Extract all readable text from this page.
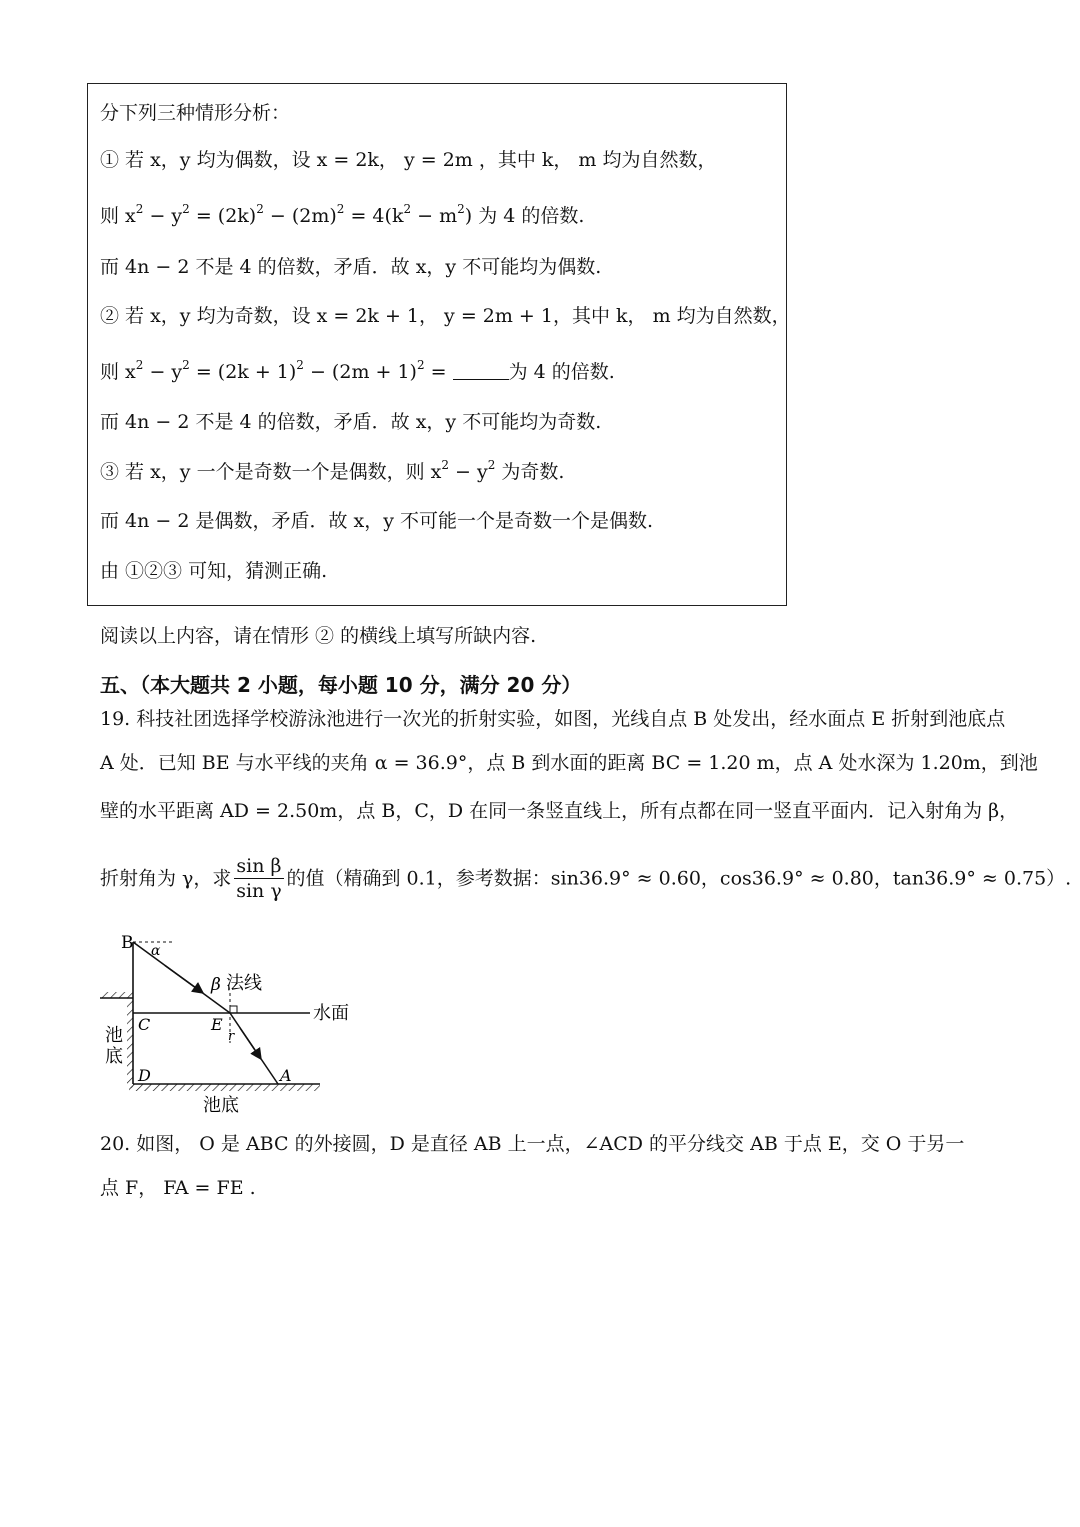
分下列三种情形分析：
① 若 x，y 均为偶数，设 x = 2k， y = 2m ，其中 k， m 均为自然数，
则 $x^2 - y^2 = (2k)^2 - (2m)^2 = 4(k^2 - m^2)$ 为 4 的倍数.
而 4n − 2 不是 4 的倍数，矛盾．故 x，y 不可能均为偶数.
② 若 x，y 均为奇数，设 x = 2k + 1， y = 2m + 1，其中 k， m 均为自然数，
则 $x^2 - y^2 = (2k + 1)^2 - (2m + 1)^2$ =	为 4 的倍数.
而 4n − 2 不是 4 的倍数，矛盾．故 x，y 不可能均为奇数.
③ 若 x，y 一个是奇数一个是偶数，则 $x^2 - y^2$ 为奇数.
而 4n − 2 是偶数，矛盾．故 x，y 不可能一个是奇数一个是偶数.
由 ①②③ 可知，猜测正确.
阅读以上内容，请在情形 ② 的横线上填写所缺内容.
五、（本大题共 2 小题，每小题 10 分，满分 20 分）
19. 科技社团选择学校游泳池进行一次光的折射实验，如图，光线自点 B 处发出，经水面点 E 折射到池底点
A 处．已知 BE 与水平线的夹角 α = 36.9°，点 B 到水面的距离 BC = 1.20 m，点 A 处水深为 1.20m，到池
壁的水平距离 AD = 2.50m，点 B，C，D 在同一条竖直线上，所有点都在同一竖直平面内．记入射角为 β，
折射角为 γ，求 $\frac{\text{sin β}}{\text{sin γ}}$ 的值（精确到 0.1，参考数据：sin36.9° ≈ 0.60，cos36.9° ≈ 0.80，tan36.9° ≈ 0.75）.
B α
β 法线
水面
C	E
r
池
底
D	A
池底
20. 如图， O 是 ABC 的外接圆，D 是直径 AB 上一点，∠ACD 的平分线交 AB 于点 E，交 O 于另一
点 F， FA = FE .
